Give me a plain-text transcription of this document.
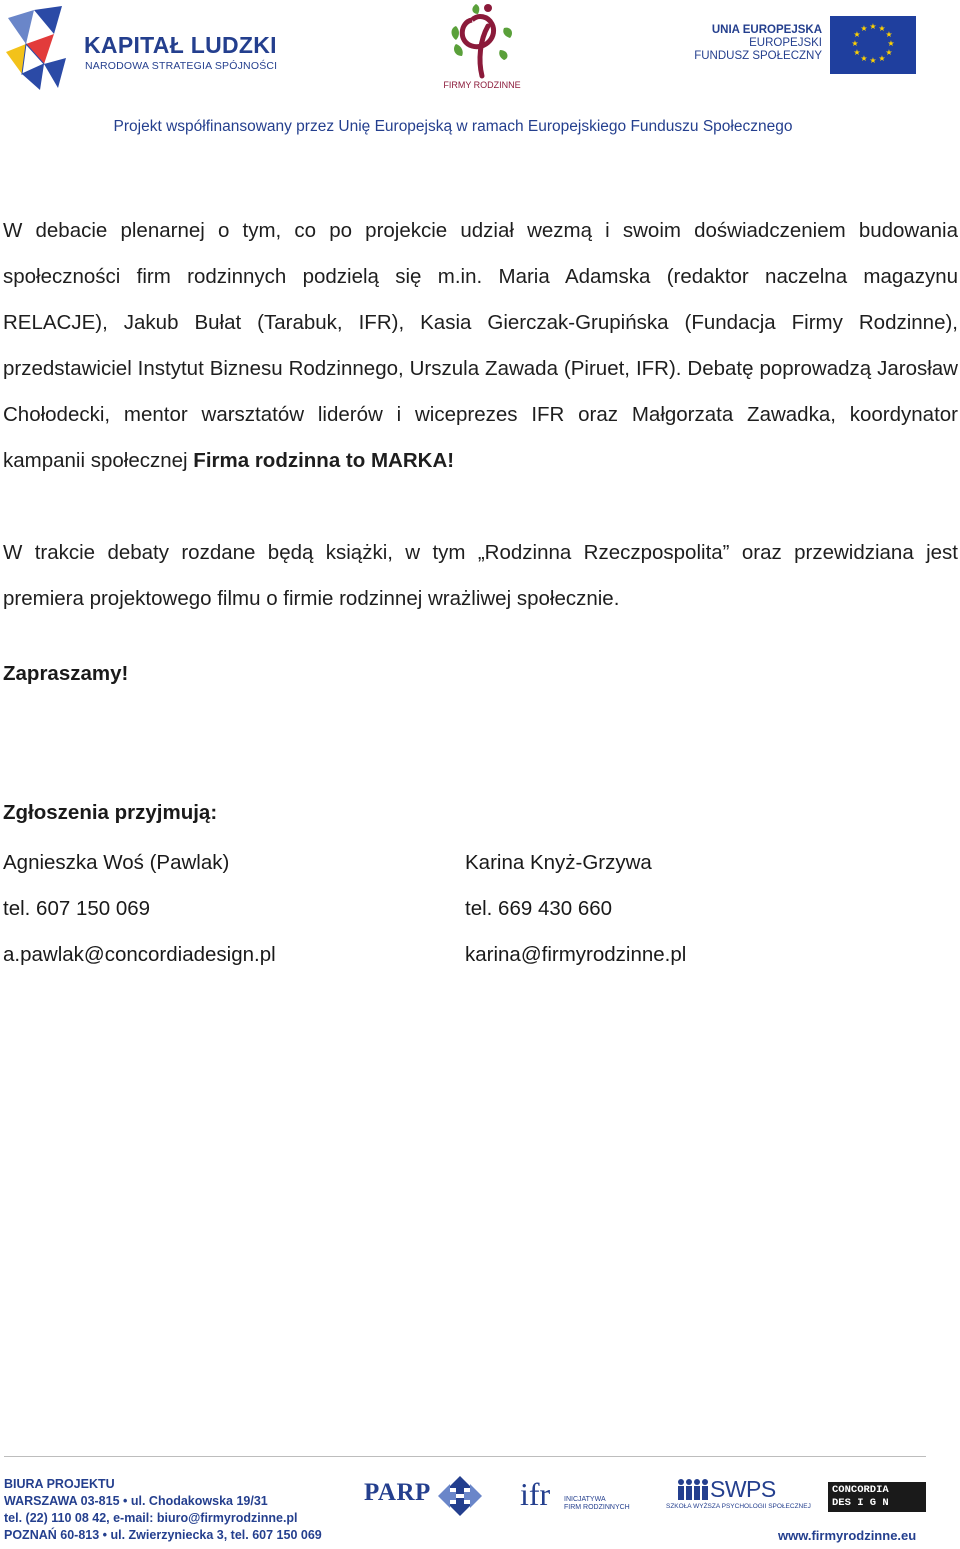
KAPITAŁ LUDZKI
NARODOWA STRATEGIA SPÓJNOŚCI
FIRMY RODZINNE
UNIA EUROPEJSKA
EUROPEJSKI
FUNDUSZ SPOŁECZNY
★ ★
★
★
★
★
★
★
★
★
★
★
Projekt współfinansowany przez Unię Europejską w ramach Europejskiego Funduszu Społecznego

W debacie plenarnej o tym, co po projekcie udział wezmą i swoim doświadczeniem budowania społeczności firm rodzinnych podzielą się m.in. Maria Adamska (redaktor naczelna magazynu RELACJE), Jakub Bułat (Tarabuk, IFR), Kasia Gierczak-Grupińska (Fundacja Firmy Rodzinne), przedstawiciel Instytut Biznesu Rodzinnego, Urszula Zawada (Piruet, IFR). Debatę poprowadzą Jarosław Chołodecki, mentor warsztatów liderów i wiceprezes IFR oraz Małgorzata Zawadka, koordynator kampanii społecznej Firma rodzinna to MARKA!

W trakcie debaty rozdane będą książki, w tym „Rodzinna Rzeczpospolita” oraz przewidziana jest premiera projektowego filmu o firmie rodzinnej wrażliwej społecznie.

Zapraszamy!
Zgłoszenia przyjmują:
Agnieszka Woś (Pawlak)
tel. 607 150 069
a.pawlak@concordiadesign.pl
Karina Knyż-Grzywa
tel. 669 430 660
karina@firmyrodzinne.pl
BIURA PROJEKTU
WARSZAWA 03-815 • ul. Chodakowska 19/31
tel. (22) 110 08 42, e-mail: biuro@firmyrodzinne.pl
POZNAŃ 60-813 • ul. Zwierzyniecka 3, tel. 607 150 069
PARP	ifr INICJATYWA
FIRM RODZINNYCH
SWPS
SZKOŁA WYŻSZA PSYCHOLOGII SPOŁECZNEJ
CONCORDIA
DES I G N
www.firmyrodzinne.eu
